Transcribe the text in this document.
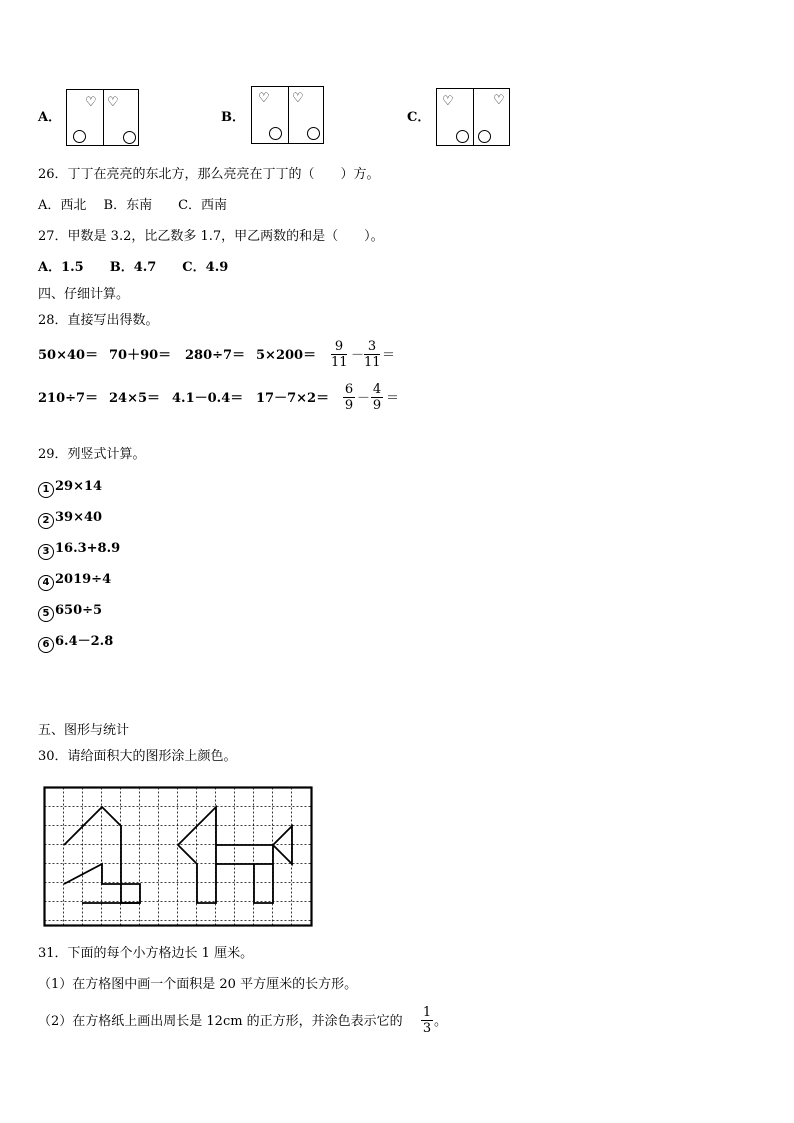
A．
♡ ♡
B．
♡ ♡
C．
♡	♡
26．丁丁在亮亮的东北方，那么亮亮在丁丁的（　　）方。
A．西北　 B．东南　　C．西南
27．甲数是 3.2，比乙数多 1.7，甲乙两数的和是（　　）。
A．1.5　　B．4.7　　C．4.9
四、仔细计算。
28．直接写出得数。
50×40＝ 70＋90＝ 280÷7＝ 5×200＝
9
11 －
3
11 ＝
210÷7＝ 24×5＝ 4.1－0.4＝ 17－7×2＝
6
9 －
4
9 ＝
29．列竖式计算。
1 29×14
2 39×40
3 16.3+8.9
4 2019÷4
5 650÷5
6 6.4－2.8
五、图形与统计
30．请给面积大的图形涂上颜色。
31．下面的每个小方格边长 1 厘米。
（1）在方格图中画一个面积是 20 平方厘米的长方形。
（2）在方格纸上画出周长是 12cm 的正方形，并涂色表示它的
1
3 。
